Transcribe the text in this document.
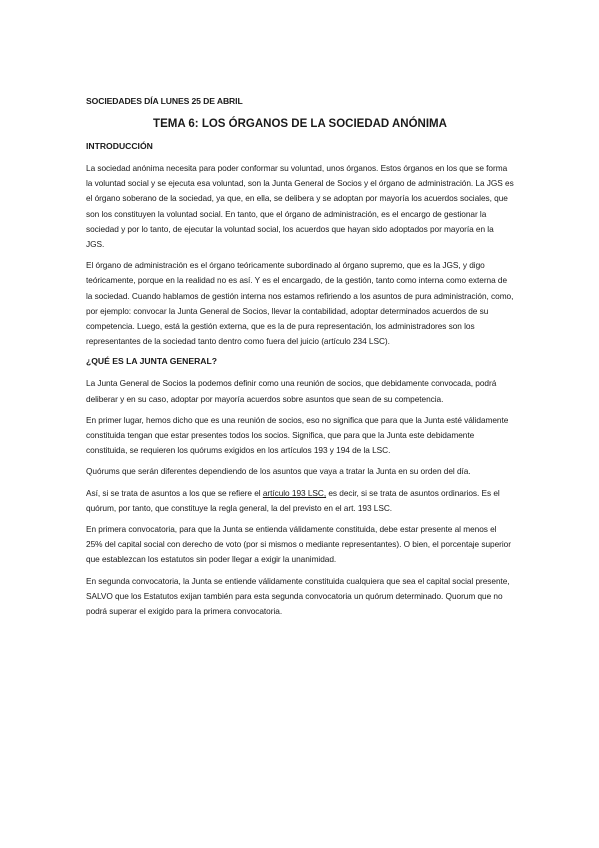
SOCIEDADES DÍA LUNES 25 DE ABRIL
TEMA 6: LOS ÓRGANOS DE LA SOCIEDAD ANÓNIMA
INTRODUCCIÓN

La sociedad anónima necesita para poder conformar su voluntad, unos órganos. Estos órganos en los que se forma la voluntad social y se ejecuta esa voluntad, son la Junta General de Socios y el órgano de administración. La JGS es el órgano soberano de la sociedad, ya que, en ella, se delibera y se adoptan por mayoría los acuerdos sociales, que son los constituyen la voluntad social. En tanto, que el órgano de administración, es el encargo de gestionar la sociedad y por lo tanto, de ejecutar la voluntad social, los acuerdos que hayan sido adoptados por mayoría en la JGS.

El órgano de administración es el órgano teóricamente subordinado al órgano supremo, que es la JGS, y digo teóricamente, porque en la realidad no es así. Y es el encargado, de la gestión, tanto como interna como externa de la sociedad. Cuando hablamos de gestión interna nos estamos refiriendo a los asuntos de pura administración, como, por ejemplo: convocar la Junta General de Socios, llevar la contabilidad, adoptar determinados acuerdos de su competencia. Luego, está la gestión externa, que es la de pura representación, los administradores son los representantes de la sociedad tanto dentro como fuera del juicio (artículo 234 LSC).

¿QUÉ ES LA JUNTA GENERAL?

La Junta General de Socios la podemos definir como una reunión de socios, que debidamente convocada, podrá deliberar y en su caso, adoptar por mayoría acuerdos sobre asuntos que sean de su competencia.

En primer lugar, hemos dicho que es una reunión de socios, eso no significa que para que la Junta esté válidamente constituida tengan que estar presentes todos los socios. Significa, que para que la Junta este debidamente constituida, se requieren los quórums exigidos en los artículos 193 y 194 de la LSC.

Quórums que serán diferentes dependiendo de los asuntos que vaya a tratar la Junta en su orden del día.

Así, si se trata de asuntos a los que se refiere el artículo 193 LSC, es decir, si se trata de asuntos ordinarios. Es el quórum, por tanto, que constituye la regla general, la del previsto en el art. 193 LSC.

En primera convocatoria, para que la Junta se entienda válidamente constituida, debe estar presente al menos el 25% del capital social con derecho de voto (por si mismos o mediante representantes). O bien, el porcentaje superior que establezcan los estatutos sin poder llegar a exigir la unanimidad.

En segunda convocatoria, la Junta se entiende válidamente constituida cualquiera que sea el capital social presente, SALVO que los Estatutos exijan también para esta segunda convocatoria un quórum determinado. Quorum que no podrá superar el exigido para la primera convocatoria.
